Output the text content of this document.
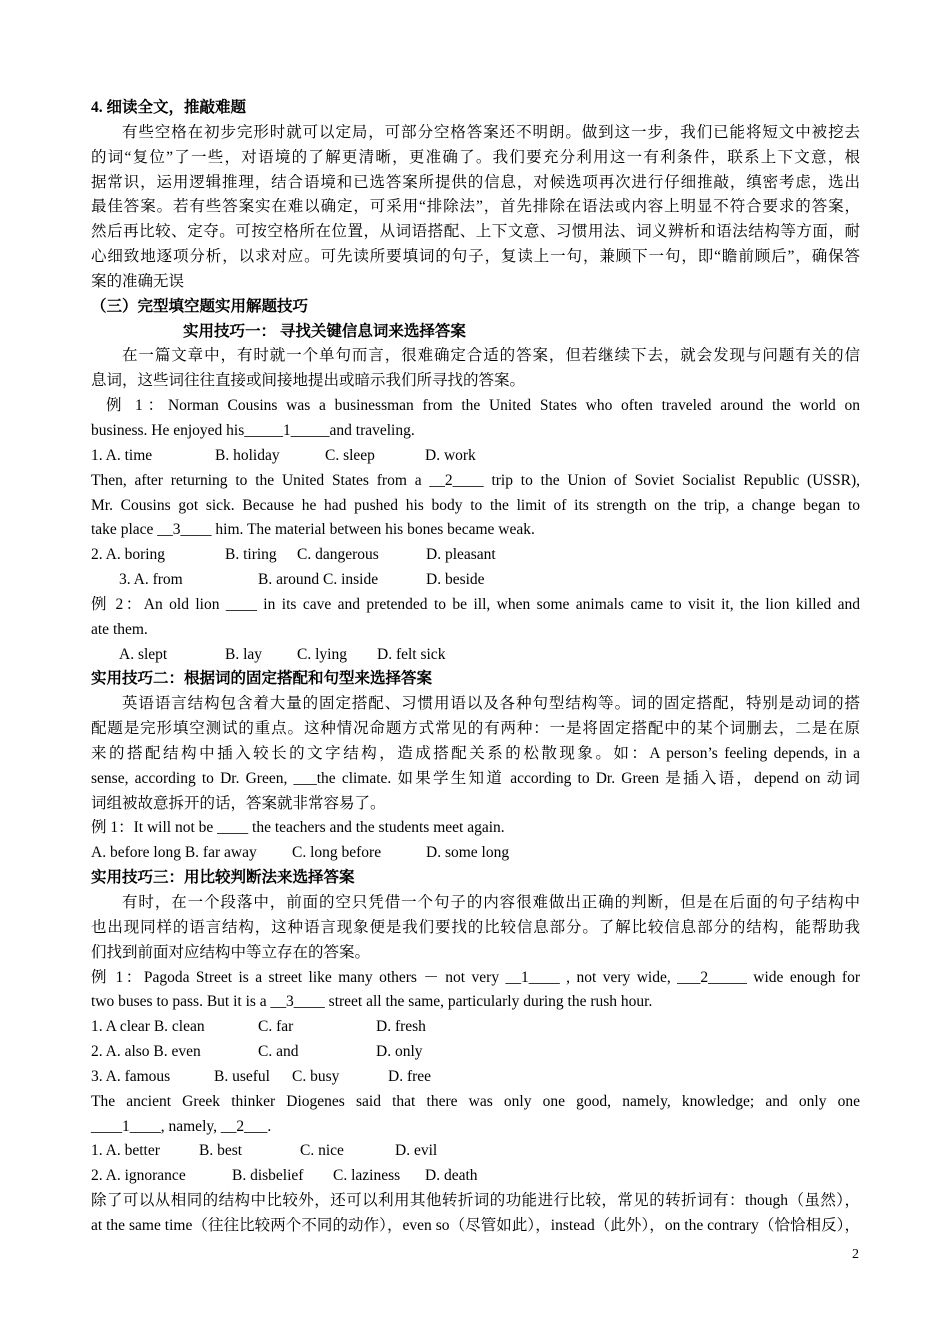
4. 细读全文，推敲难题
有些空格在初步完形时就可以定局，可部分空格答案还不明朗。做到这一步，我们已能将短文中被挖去
的词“复位”了一些，对语境的了解更清晰，更准确了。我们要充分利用这一有利条件，联系上下文意，根
据常识，运用逻辑推理，结合语境和已选答案所提供的信息，对候选项再次进行仔细推敲，缜密考虑，选出
最佳答案。若有些答案实在难以确定，可采用“排除法”，首先排除在语法或内容上明显不符合要求的答案，
然后再比较、定夺。可按空格所在位置，从词语搭配、上下文意、习惯用法、词义辨析和语法结构等方面，耐
心细致地逐项分析，以求对应。可先读所要填词的句子，复读上一句，兼顾下一句，即“瞻前顾后”，确保答
案的准确无误
（三）完型填空题实用解题技巧
实用技巧一： 寻找关键信息词来选择答案
在一篇文章中，有时就一个单句而言，很难确定合适的答案，但若继续下去，就会发现与问题有关的信
息词，这些词往往直接或间接地提出或暗示我们所寻找的答案。
例 1：Norman Cousins was a businessman from the United States who often traveled around the world on
business. He enjoyed his_____1_____and traveling.
1. A. time	B. holiday	C. sleep	D. work
Then, after returning to the United States from a __2____ trip to the Union of Soviet Socialist Republic (USSR),
Mr. Cousins got sick. Because he had pushed his body to the limit of its strength on the trip, a change began to
take place __3____ him. The material between his bones became weak.
2. A. boring	B. tiring C. dangerous	D. pleasant
3. A. from	B. around C. inside	D. beside
例 2：An old lion ____ in its cave and pretended to be ill, when some animals came to visit it, the lion killed and
ate them.
A. slept	B. lay C. lying D. felt sick
实用技巧二：根据词的固定搭配和句型来选择答案
英语语言结构包含着大量的固定搭配、习惯用语以及各种句型结构等。词的固定搭配，特别是动词的搭
配题是完形填空测试的重点。这种情况命题方式常见的有两种：一是将固定搭配中的某个词删去，二是在原
来的搭配结构中插入较长的文字结构，造成搭配关系的松散现象。如：A person’s feeling depends, in a
sense, according to Dr. Green, ___the climate. 如果学生知道 according to Dr. Green 是插入语，depend on 动词
词组被故意拆开的话，答案就非常容易了。
例 1：It will not be ____ the teachers and the students meet again.
A. before long B. far away C. long before	D. some long
实用技巧三：用比较判断法来选择答案
有时，在一个段落中，前面的空只凭借一个句子的内容很难做出正确的判断，但是在后面的句子结构中
也出现同样的语言结构，这种语言现象便是我们要找的比较信息部分。了解比较信息部分的结构，能帮助我
们找到前面对应结构中等立存在的答案。
例 1：Pagoda Street is a street like many others － not very __1____ , not very wide, ___2_____ wide enough for
two buses to pass. But it is a __3____ street all the same, particularly during the rush hour.
1. A clear B. clean	C. far	D. fresh
2. A. also B. even	C. and	D. only
3. A. famous	B. useful C. busy	D. free
The ancient Greek thinker Diogenes said that there was only one good, namely, knowledge; and only one
____1____, namely, __2___.
1. A. better	B. best	C. nice	D. evil
2. A. ignorance	B. disbelief C. laziness D. death
除了可以从相同的结构中比较外，还可以利用其他转折词的功能进行比较，常见的转折词有：though（虽然），
at the same time（往往比较两个不同的动作），even so（尽管如此），instead（此外），on the contrary（恰恰相反），
2
